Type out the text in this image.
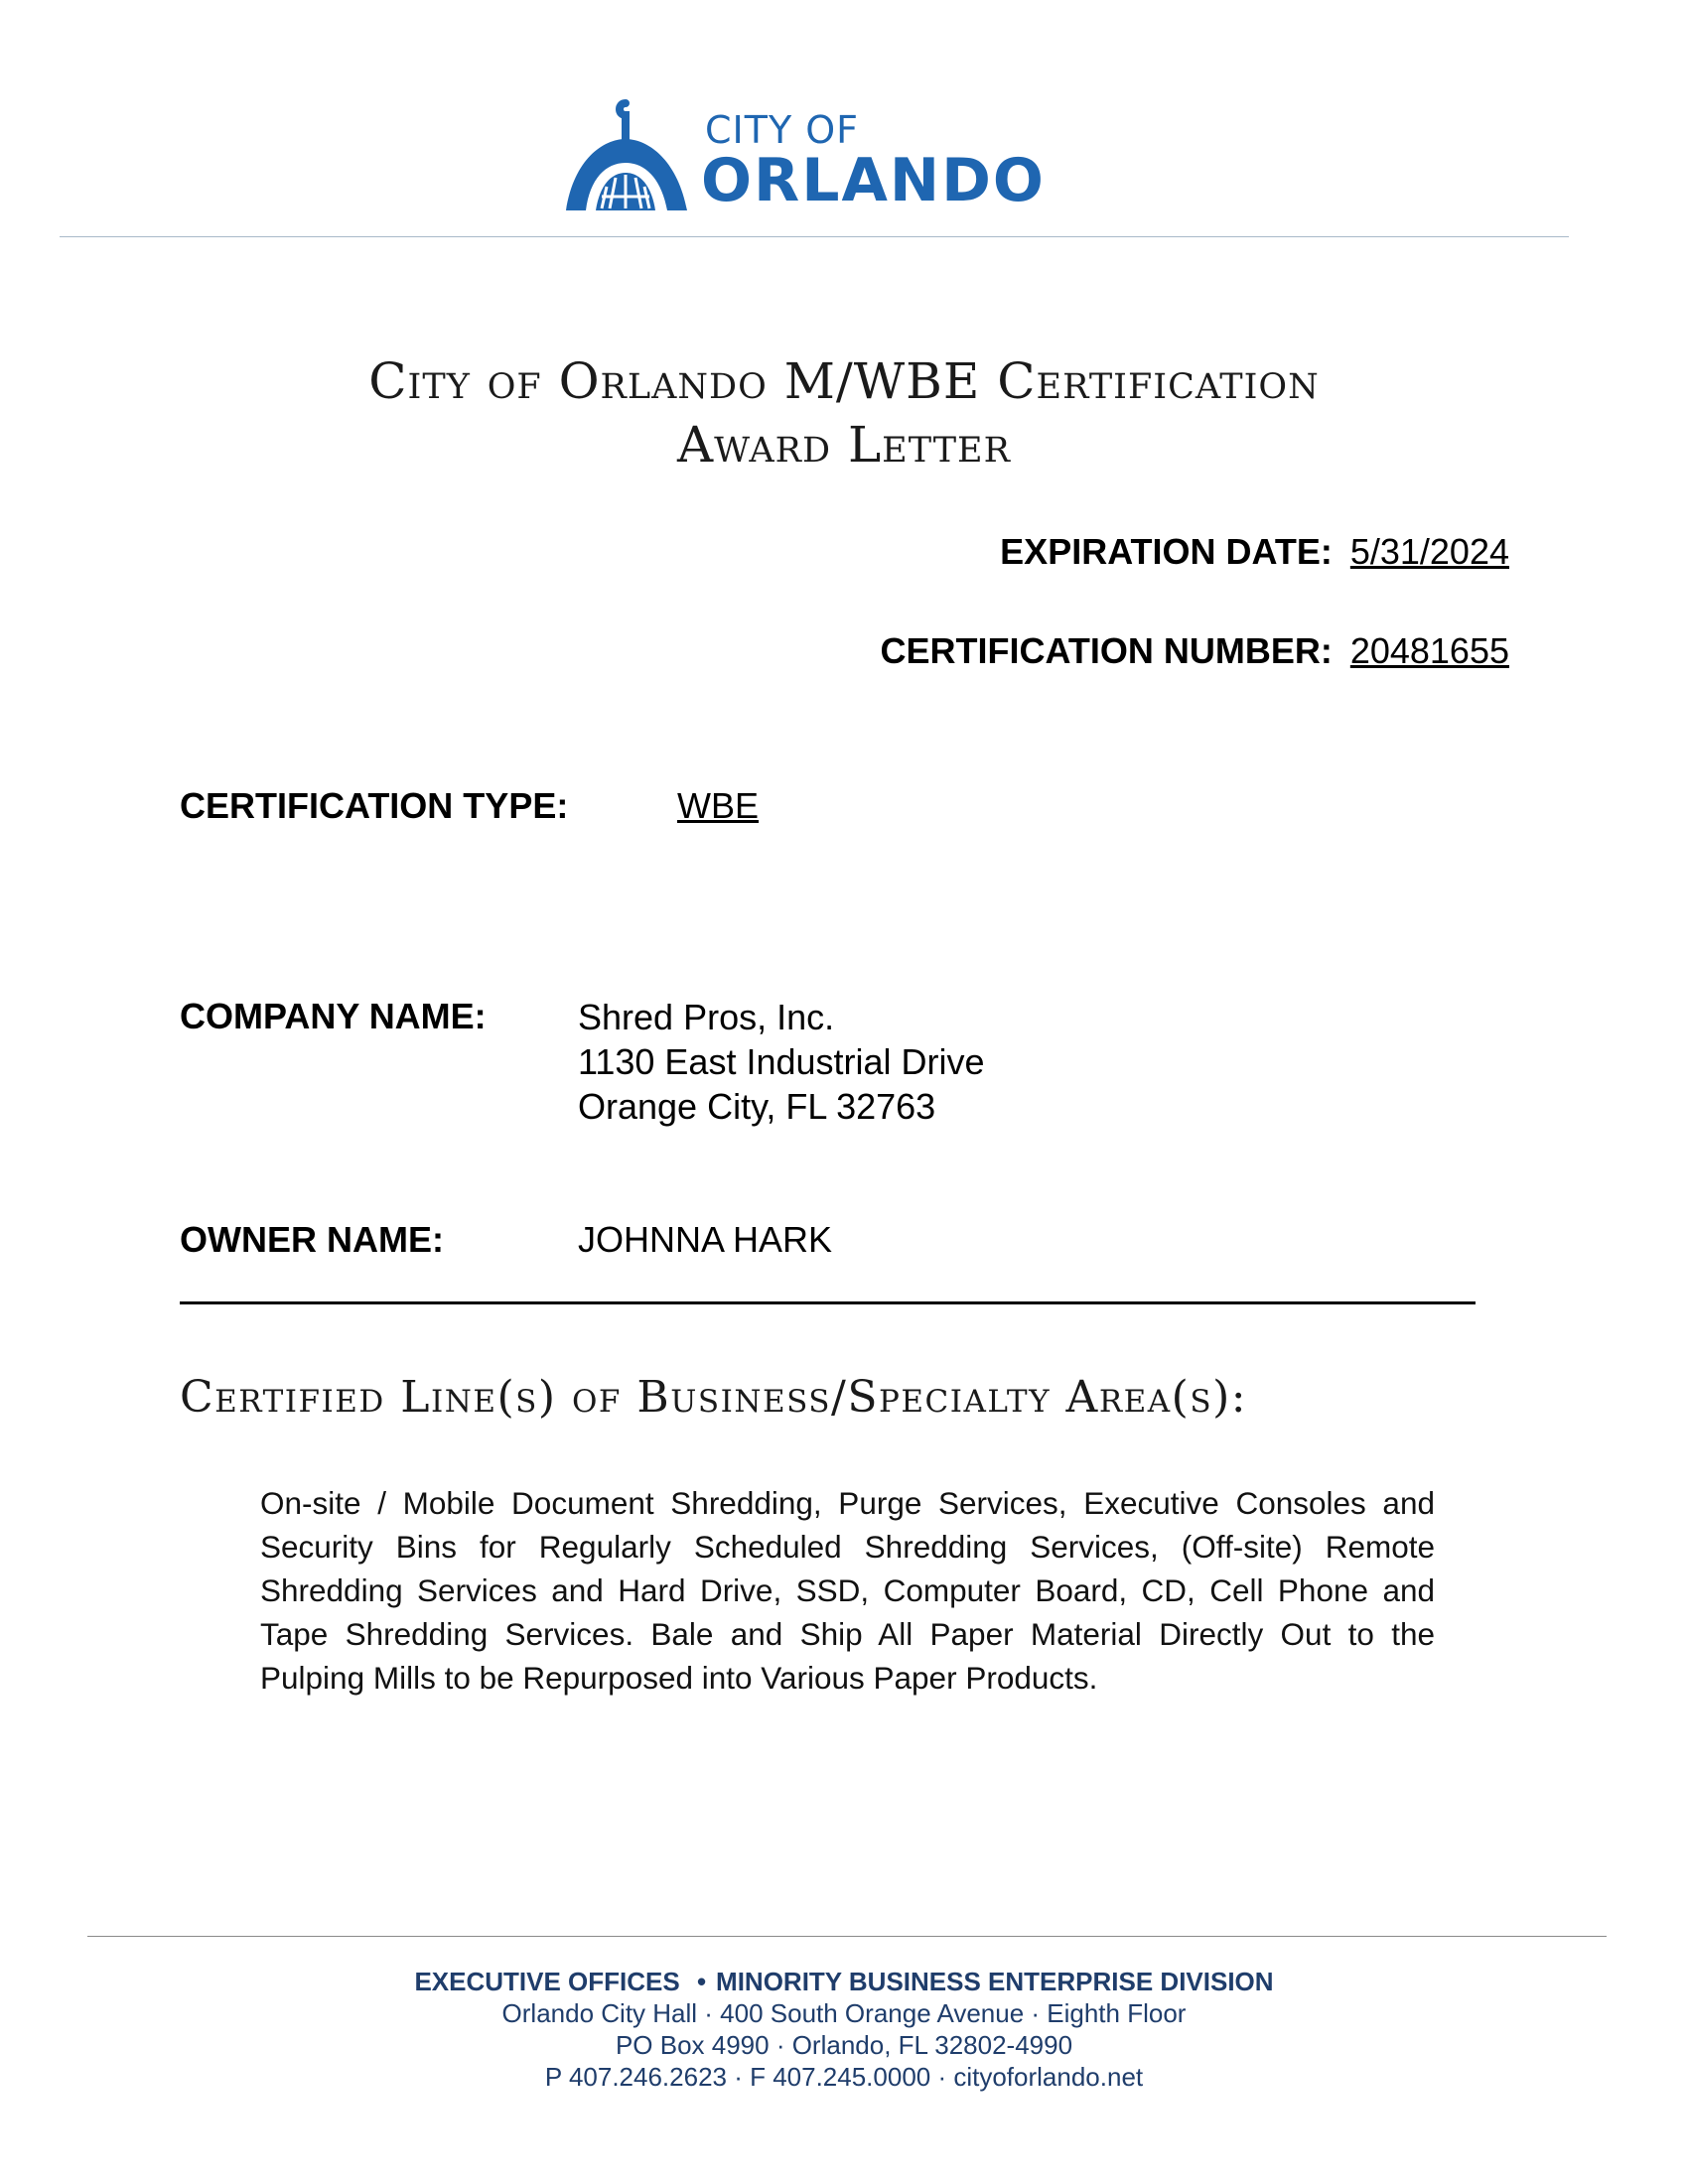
CITY OF
ORLANDO
City of Orlando M/WBE Certification
Award Letter
EXPIRATION DATE: 5/31/2024
CERTIFICATION NUMBER: 20481655
CERTIFICATION TYPE:	WBE
COMPANY NAME:	Shred Pros, Inc.
1130 East Industrial Drive
Orange City, FL 32763
OWNER NAME:	JOHNNA HARK
Certified Line(s) of Business/Specialty Area(s):
On-site / Mobile Document Shredding, Purge Services, Executive Consoles and Security Bins for Regularly Scheduled Shredding Services, (Off-site) Remote Shredding Services and Hard Drive, SSD, Computer Board, CD, Cell Phone and Tape Shredding Services. Bale and Ship All Paper Material Directly Out to the Pulping Mills to be Repurposed into Various Paper Products.
EXECUTIVE OFFICES • MINORITY BUSINESS ENTERPRISE DIVISION
Orlando City Hall · 400 South Orange Avenue · Eighth Floor
PO Box 4990 · Orlando, FL 32802-4990
P 407.246.2623 · F 407.245.0000 · cityoforlando.net
